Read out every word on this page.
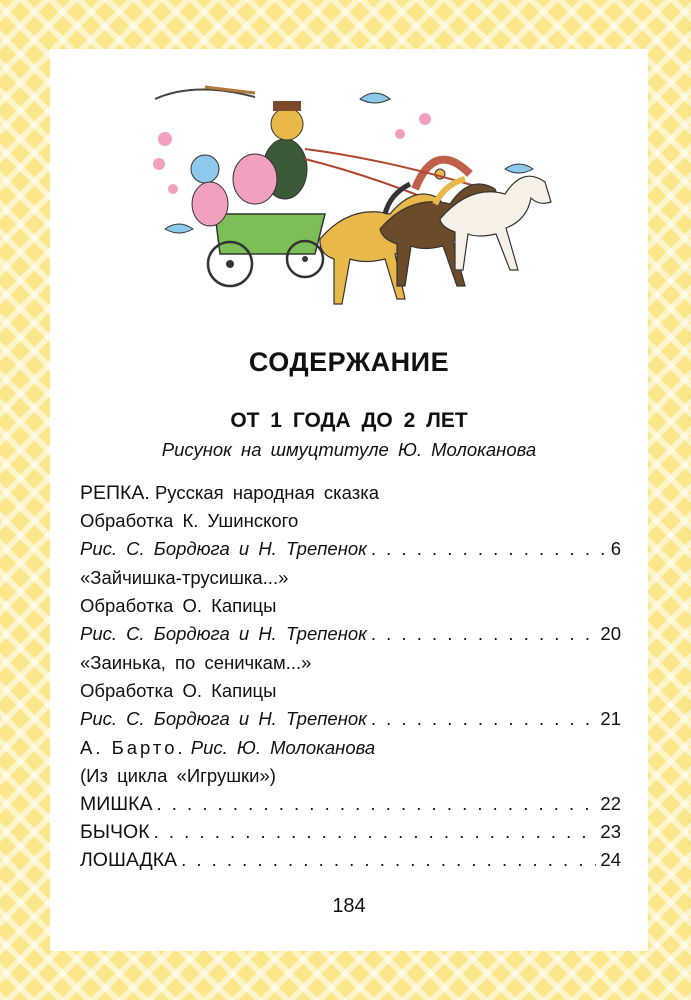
СОДЕРЖАНИЕ
ОТ 1 ГОДА ДО 2 ЛЕТ
Рисунок на шмуцтитуле Ю. Молоканова
РЕПКА. Русская народная сказка
Обработка К. Ушинского
Рис. С. Бордюга и Н. Трепенок . . .	6
«Зайчишка-трусишка...»
Обработка О. Капицы
Рис. С. Бордюга и Н. Трепенок . . .	20
«Заинька, по сеничкам...»
Обработка О. Капицы
Рис. С. Бордюга и Н. Трепенок . . .	21
А. Барто. Рис. Ю. Молоканова
(Из цикла «Игрушки»)
МИШКА . . .	22
БЫЧОК . . .	23
ЛОШАДКА . . .	24
184
